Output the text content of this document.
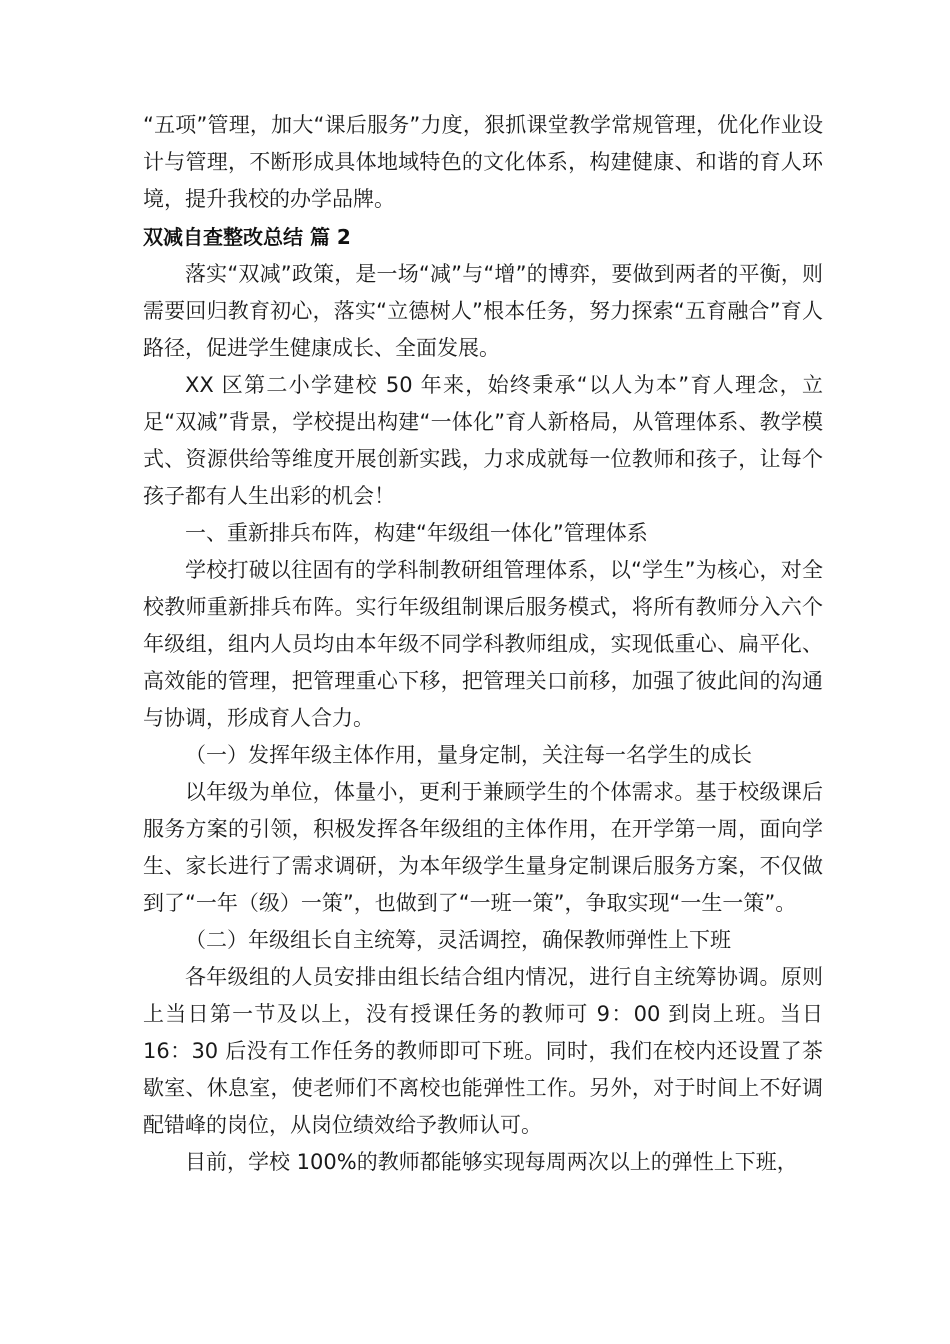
“五项”管理，加大“课后服务”力度，狠抓课堂教学常规管理，优化作业设计与管理，不断形成具体地域特色的文化体系，构建健康、和谐的育人环境，提升我校的办学品牌。

双减自查整改总结 篇 2

落实“双减”政策，是一场“减”与“增”的博弈，要做到两者的平衡，则需要回归教育初心，落实“立德树人”根本任务，努力探索“五育融合”育人路径，促进学生健康成长、全面发展。

XX 区第二小学建校 50 年来，始终秉承“以人为本”育人理念，立足“双减”背景，学校提出构建“一体化”育人新格局，从管理体系、教学模式、资源供给等维度开展创新实践，力求成就每一位教师和孩子，让每个孩子都有人生出彩的机会！

一、重新排兵布阵，构建“年级组一体化”管理体系

学校打破以往固有的学科制教研组管理体系，以“学生”为核心，对全校教师重新排兵布阵。实行年级组制课后服务模式，将所有教师分入六个年级组，组内人员均由本年级不同学科教师组成，实现低重心、扁平化、高效能的管理，把管理重心下移，把管理关口前移，加强了彼此间的沟通与协调，形成育人合力。

（一）发挥年级主体作用，量身定制，关注每一名学生的成长

以年级为单位，体量小，更利于兼顾学生的个体需求。基于校级课后服务方案的引领，积极发挥各年级组的主体作用，在开学第一周，面向学生、家长进行了需求调研，为本年级学生量身定制课后服务方案，不仅做到了“一年（级）一策”，也做到了“一班一策”，争取实现“一生一策”。

（二）年级组长自主统筹，灵活调控，确保教师弹性上下班

各年级组的人员安排由组长结合组内情况，进行自主统筹协调。原则上当日第一节及以上，没有授课任务的教师可 9：00 到岗上班。当日 16：30 后没有工作任务的教师即可下班。同时，我们在校内还设置了茶歇室、休息室，使老师们不离校也能弹性工作。另外，对于时间上不好调配错峰的岗位，从岗位绩效给予教师认可。

目前，学校 100%的教师都能够实现每周两次以上的弹性上下班，
